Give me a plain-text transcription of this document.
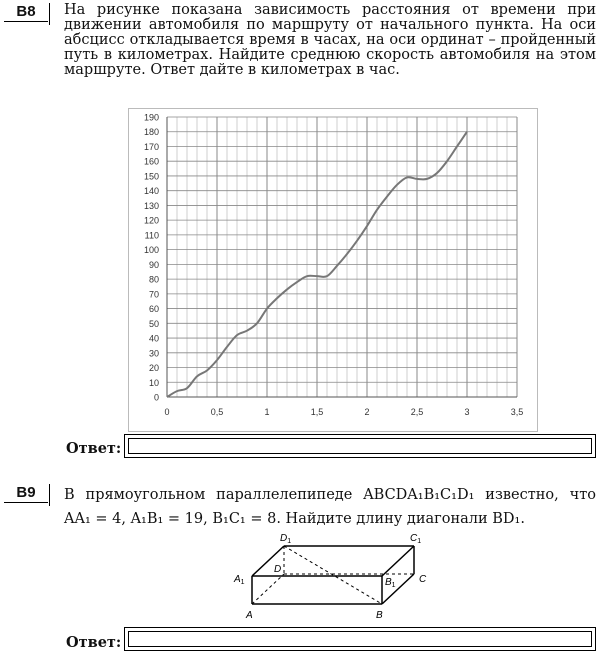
B8	На рисунке показана зависимость расстояния от времени при движении автомобиля по маршруту от начального пункта. На оси абсцисс откладывается время в часах, на оси ординат – пройденный путь в километрах. Найдите среднюю скорость автомобиля на этом маршруте. Ответ дайте в километрах в час.
0
10
20
30
40
50
60
70
80
90
100
110
120
130
140
150
160
170
180
190
0	0,5	1	1,5	2	2,5	3	3,5
Ответ:
B9	В прямоугольном параллелепипеде ABCDA₁B₁C₁D₁ известно, что
AA₁ = 4, A₁B₁ = 19, B₁C₁ = 8. Найдите длину диагонали BD₁.
A	B
C
D
$A_1$	$B_1$
$C_1$
$D_1$
Ответ:
